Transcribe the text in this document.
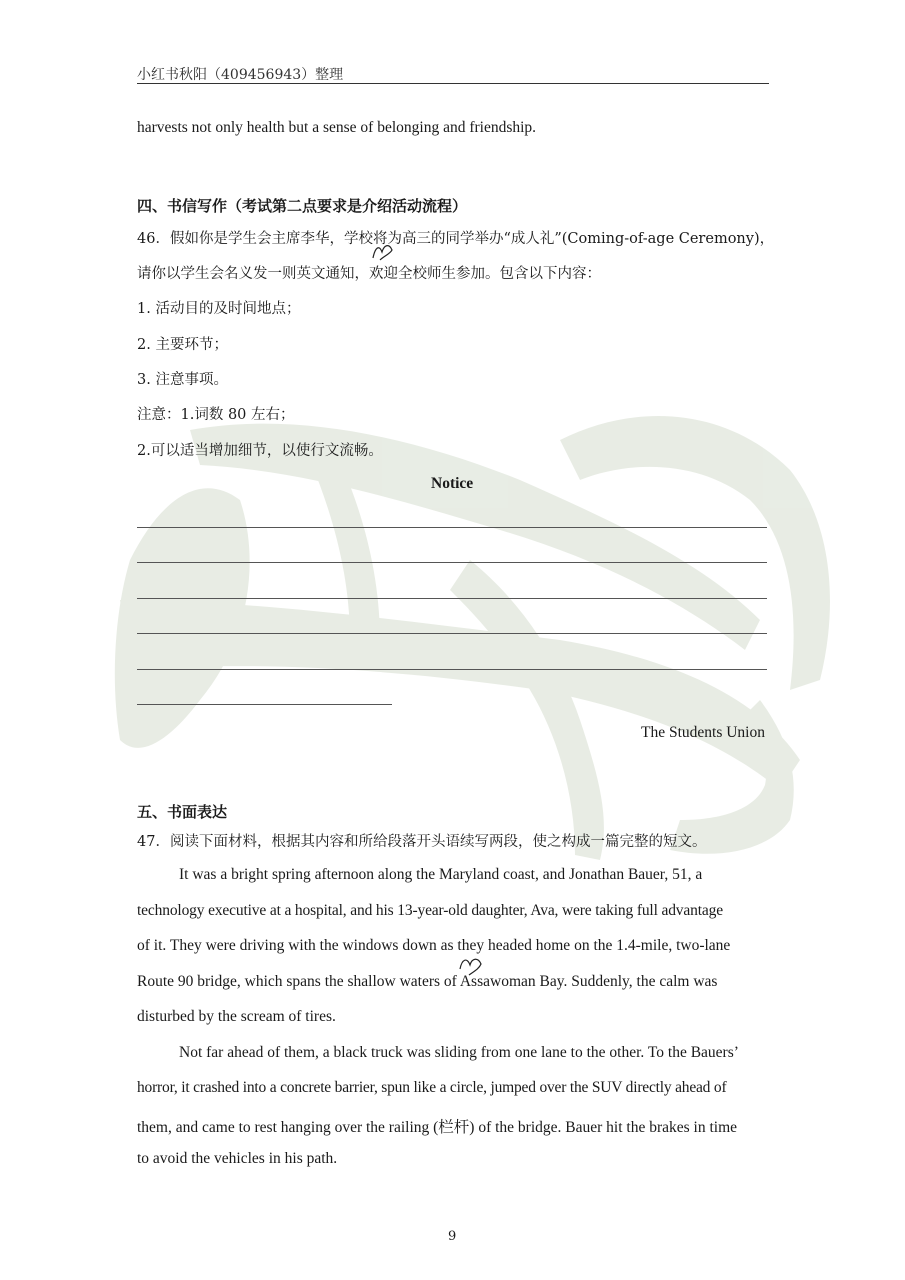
小红书秋阳（409456943）整理
harvests not only health but a sense of belonging and friendship.
四、书信写作（考试第二点要求是介绍活动流程）
46．假如你是学生会主席李华，学校将为高三的同学举办“成人礼”(Coming-of-age Ceremony)，
请你以学生会名义发一则英文通知，欢迎全校师生参加。包含以下内容：
1. 活动目的及时间地点；
2. 主要环节；
3. 注意事项。
注意：1.词数 80 左右；
2.可以适当增加细节，以使行文流畅。
Notice
The Students Union
五、书面表达
47．阅读下面材料，根据其内容和所给段落开头语续写两段，使之构成一篇完整的短文。
It was a bright spring afternoon along the Maryland coast, and Jonathan Bauer, 51, a
technology executive at a hospital, and his 13-year-old daughter, Ava, were taking full advantage
of it. They were driving with the windows down as they headed home on the 1.4-mile, two-lane
Route 90 bridge, which spans the shallow waters of Assawoman Bay. Suddenly, the calm was
disturbed by the scream of tires.
Not far ahead of them, a black truck was sliding from one lane to the other. To the Bauers’
horror, it crashed into a concrete barrier, spun like a circle, jumped over the SUV directly ahead of
them, and came to rest hanging over the railing (栏杆) of the bridge. Bauer hit the brakes in time
to avoid the vehicles in his path.
9
